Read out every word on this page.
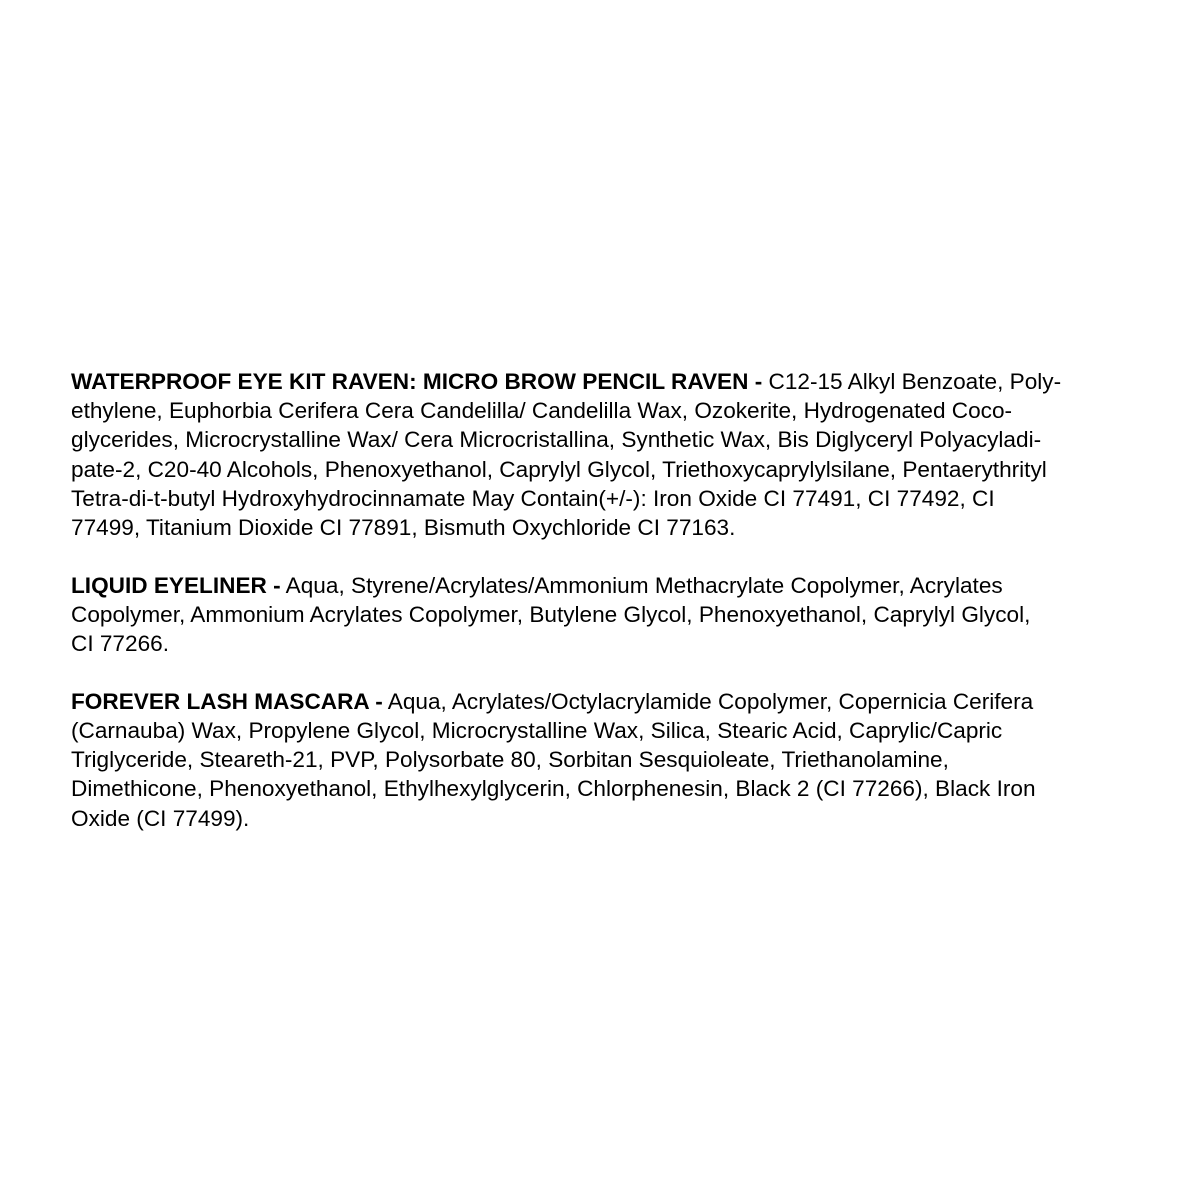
WATERPROOF EYE KIT RAVEN: MICRO BROW PENCIL RAVEN - C12-15 Alkyl Benzoate, Poly-
ethylene, Euphorbia Cerifera Cera Candelilla/ Candelilla Wax, Ozokerite, Hydrogenated Coco-
glycerides, Microcrystalline Wax/ Cera Microcristallina, Synthetic Wax, Bis Diglyceryl Polyacyladi-
pate-2, C20-40 Alcohols, Phenoxyethanol, Caprylyl Glycol, Triethoxycaprylylsilane, Pentaerythrityl
Tetra-di-t-butyl Hydroxyhydrocinnamate May Contain(+/-): Iron Oxide CI 77491, CI 77492, CI
77499, Titanium Dioxide CI 77891, Bismuth Oxychloride CI 77163.
LIQUID EYELINER - Aqua, Styrene/Acrylates/Ammonium Methacrylate Copolymer, Acrylates
Copolymer, Ammonium Acrylates Copolymer, Butylene Glycol, Phenoxyethanol, Caprylyl Glycol,
CI 77266.
FOREVER LASH MASCARA - Aqua, Acrylates/Octylacrylamide Copolymer, Copernicia Cerifera
(Carnauba) Wax, Propylene Glycol, Microcrystalline Wax, Silica, Stearic Acid, Caprylic/Capric
Triglyceride, Steareth-21, PVP, Polysorbate 80, Sorbitan Sesquioleate, Triethanolamine,
Dimethicone, Phenoxyethanol, Ethylhexylglycerin, Chlorphenesin, Black 2 (CI 77266), Black Iron
Oxide (CI 77499).
